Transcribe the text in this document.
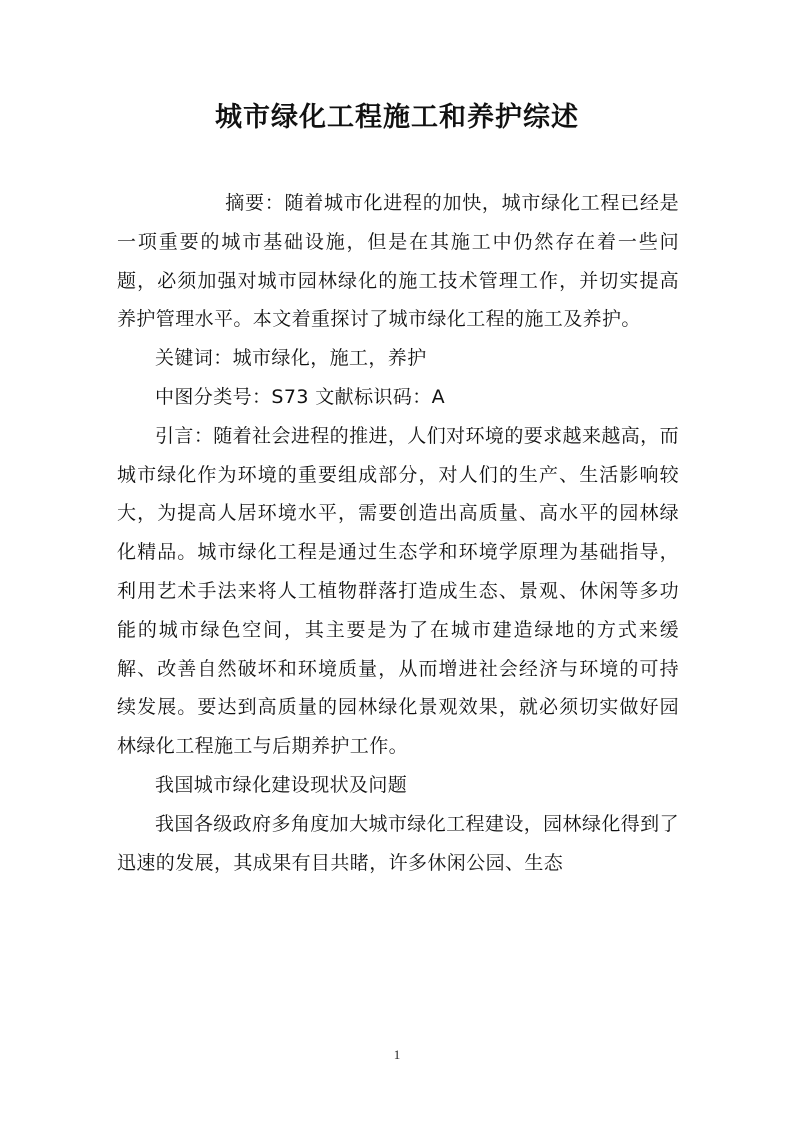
城市绿化工程施工和养护综述

摘要：随着城市化进程的加快，城市绿化工程已经是一项重要的城市基础设施，但是在其施工中仍然存在着一些问题，必须加强对城市园林绿化的施工技术管理工作，并切实提高养护管理水平。本文着重探讨了城市绿化工程的施工及养护。

关键词：城市绿化，施工，养护

中图分类号：S73 文献标识码：A

引言：随着社会进程的推进，人们对环境的要求越来越高，而城市绿化作为环境的重要组成部分，对人们的生产、生活影响较大，为提高人居环境水平，需要创造出高质量、高水平的园林绿化精品。城市绿化工程是通过生态学和环境学原理为基础指导，利用艺术手法来将人工植物群落打造成生态、景观、休闲等多功能的城市绿色空间，其主要是为了在城市建造绿地的方式来缓解、改善自然破坏和环境质量，从而增进社会经济与环境的可持续发展。要达到高质量的园林绿化景观效果，就必须切实做好园林绿化工程施工与后期养护工作。

我国城市绿化建设现状及问题

我国各级政府多角度加大城市绿化工程建设，园林绿化得到了迅速的发展，其成果有目共睹，许多休闲公园、生态

1
